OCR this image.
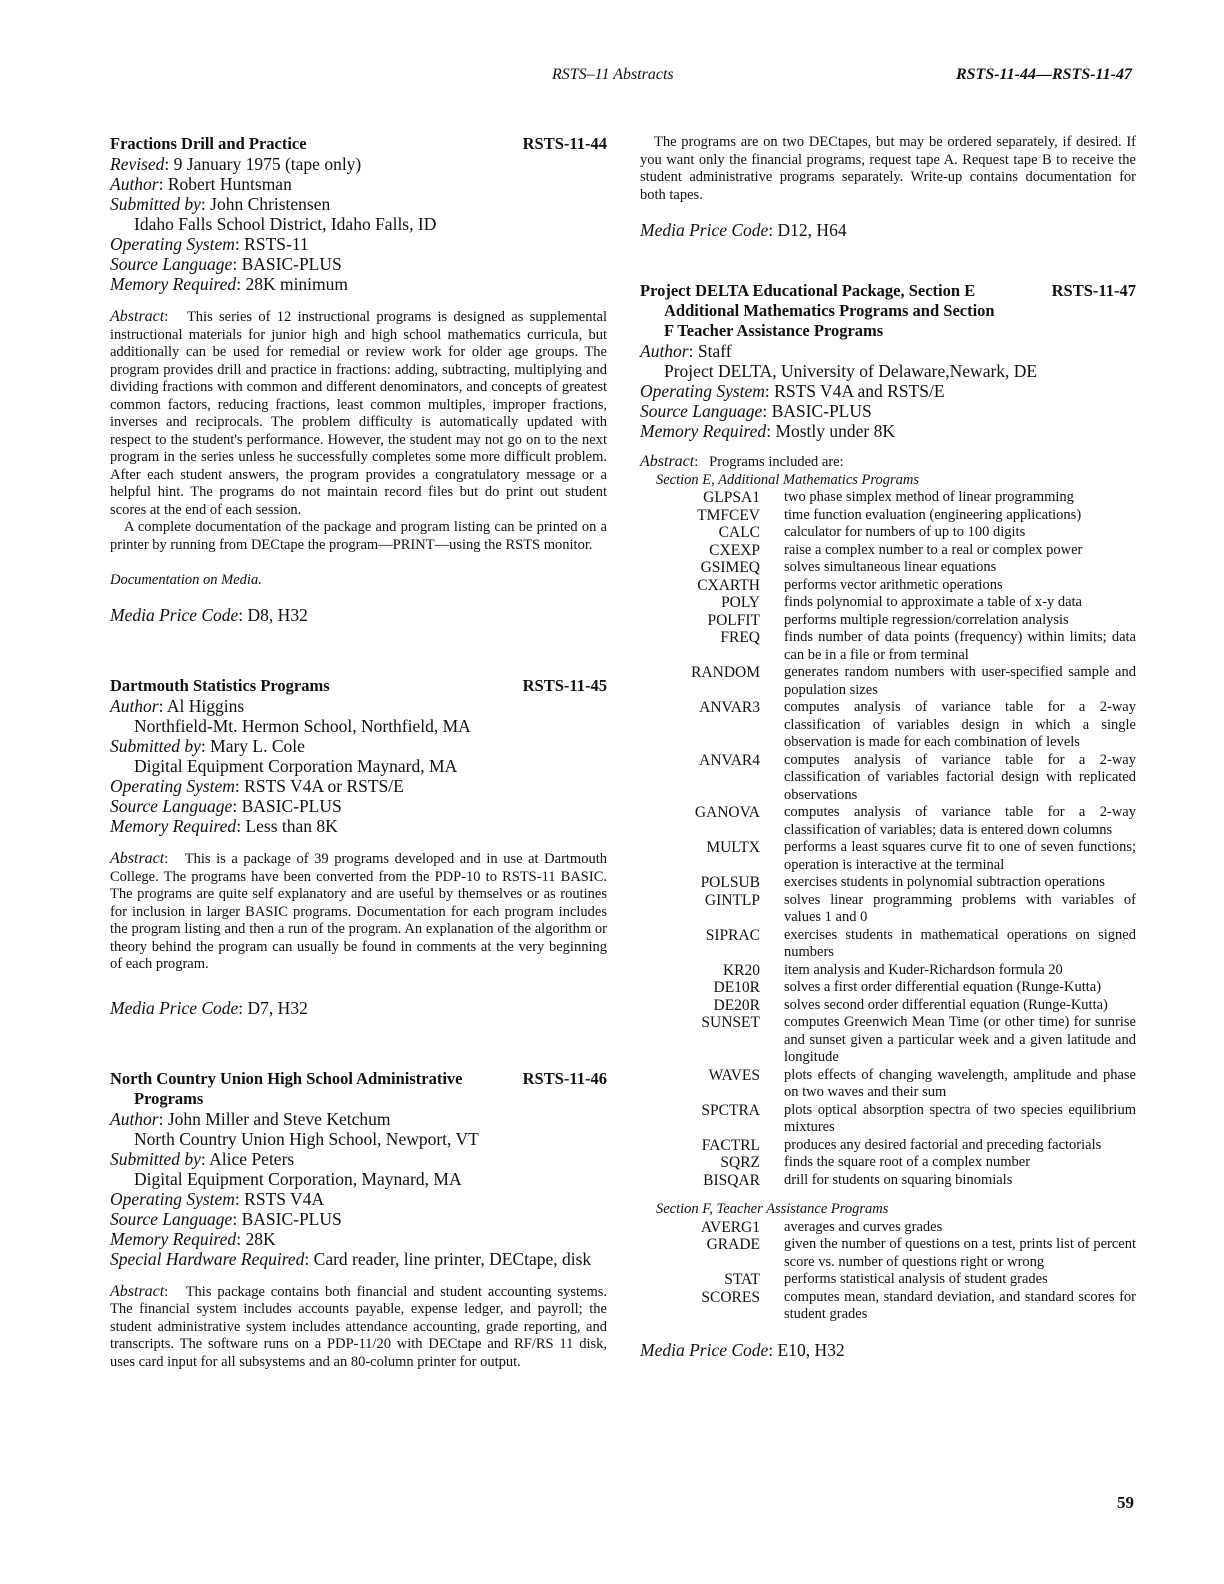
RSTS–11 Abstracts	RSTS-11-44—RSTS-11-47
Fractions Drill and Practice	RSTS-11-44
Revised: 9 January 1975 (tape only)
Author: Robert Huntsman
Submitted by: John Christensen
Idaho Falls School District, Idaho Falls, ID
Operating System: RSTS-11
Source Language: BASIC-PLUS
Memory Required: 28K minimum

Abstract:   This series of 12 instructional programs is designed as supplemental instructional materials for junior high and high school mathematics curricula, but additionally can be used for remedial or review work for older age groups. The program provides drill and practice in fractions: adding, subtracting, multiplying and dividing fractions with common and different denominators, and concepts of greatest common factors, reducing fractions, least common multiples, improper fractions, inverses and reciprocals. The problem difficulty is automatically updated with respect to the student's performance. However, the student may not go on to the next program in the series unless he successfully completes some more difficult problem. After each student answers, the program provides a congratulatory message or a helpful hint. The programs do not maintain record files but do print out student scores at the end of each session.

A complete documentation of the package and program listing can be printed on a printer by running from DECtape the program—PRINT—using the RSTS monitor.

Documentation on Media.
Media Price Code: D8, H32
Dartmouth Statistics Programs	RSTS-11-45
Author: Al Higgins
Northfield-Mt. Hermon School, Northfield, MA
Submitted by: Mary L. Cole
Digital Equipment Corporation Maynard, MA
Operating System: RSTS V4A or RSTS/E
Source Language: BASIC-PLUS
Memory Required: Less than 8K

Abstract:   This is a package of 39 programs developed and in use at Dartmouth College. The programs have been converted from the PDP-10 to RSTS-11 BASIC. The programs are quite self explanatory and are useful by themselves or as routines for inclusion in larger BASIC programs. Documentation for each program includes the program listing and then a run of the program. An explanation of the algorithm or theory behind the program can usually be found in comments at the very beginning of each program.

Media Price Code: D7, H32
North Country Union High School Administrative	RSTS-11-46
Programs
Author: John Miller and Steve Ketchum
North Country Union High School, Newport, VT
Submitted by: Alice Peters
Digital Equipment Corporation, Maynard, MA
Operating System: RSTS V4A
Source Language: BASIC-PLUS
Memory Required: 28K
Special Hardware Required: Card reader, line printer, DECtape, disk

Abstract:   This package contains both financial and student accounting systems. The financial system includes accounts payable, expense ledger, and payroll; the student administrative system includes attendance accounting, grade reporting, and transcripts. The software runs on a PDP-11/20 with DECtape and RF/RS 11 disk, uses card input for all subsystems and an 80-column printer for output.

The programs are on two DECtapes, but may be ordered separately, if desired. If you want only the financial programs, request tape A. Request tape B to receive the student administrative programs separately. Write-up contains documentation for both tapes.
Media Price Code: D12, H64
Project DELTA Educational Package, Section E	RSTS-11-47
Additional Mathematics Programs and Section
F Teacher Assistance Programs
Author: Staff
Project DELTA, University of Delaware,Newark, DE
Operating System: RSTS V4A and RSTS/E
Source Language: BASIC-PLUS
Memory Required: Mostly under 8K

Abstract:   Programs included are:

Section E, Additional Mathematics Programs
GLPSA1	two phase simplex method of linear programming
TMFCEV	time function evaluation (engineering applications)
CALC	calculator for numbers of up to 100 digits
CXEXP	raise a complex number to a real or complex power
GSIMEQ	solves simultaneous linear equations
CXARTH	performs vector arithmetic operations
POLY	finds polynomial to approximate a table of x-y data
POLFIT	performs multiple regression/correlation analysis
FREQ	finds number of data points (frequency) within limits; data can be in a file or from terminal
RANDOM	generates random numbers with user-specified sample and population sizes
ANVAR3	computes analysis of variance table for a 2-way classification of variables design in which a single observation is made for each combination of levels
ANVAR4	computes analysis of variance table for a 2-way classification of variables factorial design with replicated observations
GANOVA	computes analysis of variance table for a 2-way classification of variables; data is entered down columns
MULTX	performs a least squares curve fit to one of seven functions; operation is interactive at the terminal
POLSUB	exercises students in polynomial subtraction operations
GINTLP	solves linear programming problems with variables of values 1 and 0
SIPRAC	exercises students in mathematical operations on signed numbers
KR20	item analysis and Kuder-Richardson formula 20
DE10R	solves a first order differential equation (Runge-Kutta)
DE20R	solves second order differential equation (Runge-Kutta)
SUNSET	computes Greenwich Mean Time (or other time) for sunrise and sunset given a particular week and a given latitude and longitude
WAVES	plots effects of changing wavelength, amplitude and phase on two waves and their sum
SPCTRA	plots optical absorption spectra of two species equilibrium mixtures
FACTRL	produces any desired factorial and preceding factorials
SQRZ	finds the square root of a complex number
BISQAR	drill for students on squaring binomials
Section F, Teacher Assistance Programs
AVERG1	averages and curves grades
GRADE	given the number of questions on a test, prints list of percent score vs. number of questions right or wrong
STAT	performs statistical analysis of student grades
SCORES	computes mean, standard deviation, and standard scores for student grades
Media Price Code: E10, H32
59
